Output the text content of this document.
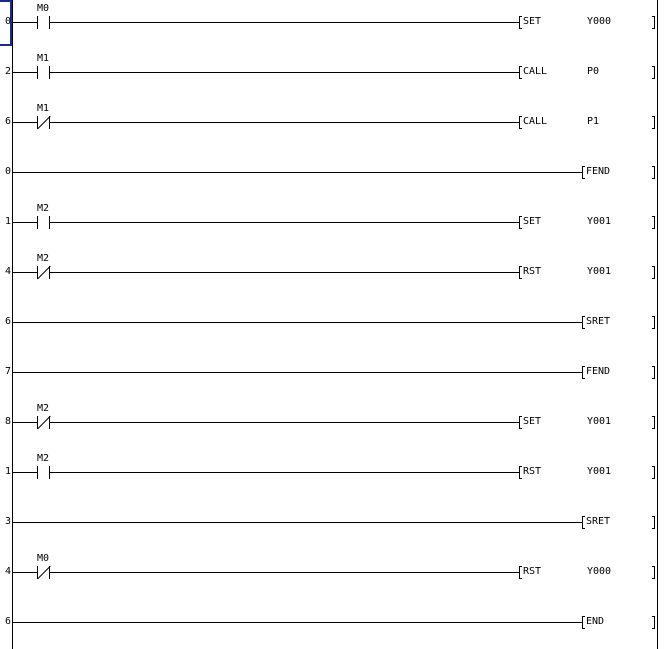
0
M0
SET	Y000
2
M1
CALL	P0
6
M1
CALL	P1
0	FEND
1
M2
SET	Y001
4
M2
RST	Y001
6	SRET
7	FEND
8
M2
SET	Y001
1
M2
RST	Y001
3	SRET
4
M0
RST	Y000
6	END
